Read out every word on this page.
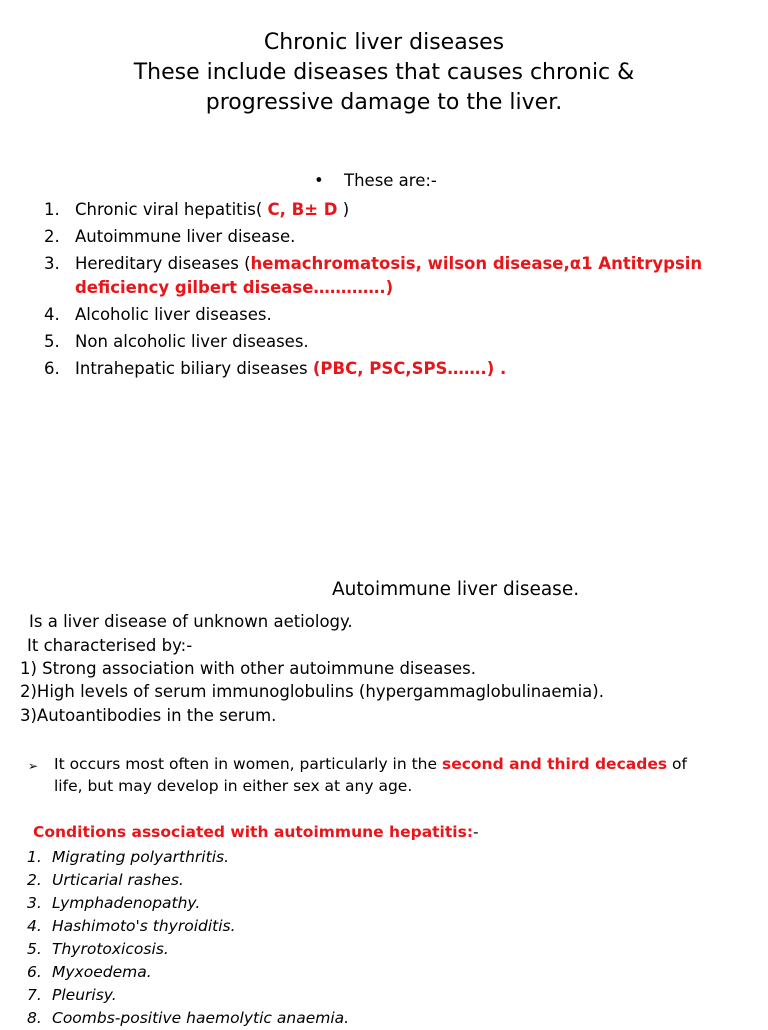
Chronic liver diseases
These include diseases that causes chronic &
progressive damage to the liver.
• These are:-
1. Chronic viral hepatitis( C, B± D )
2. Autoimmune liver disease.
3. Hereditary diseases (hemachromatosis, wilson disease,α1 Antitrypsin deficiency gilbert disease………….)
4. Alcoholic liver diseases.
5. Non alcoholic liver diseases.
6. Intrahepatic biliary diseases (PBC, PSC,SPS…….) .
Autoimmune liver disease.
Is a liver disease of unknown aetiology.
It characterised by:-
1) Strong association with other autoimmune diseases.
2)High levels of serum immunoglobulins (hypergammaglobulinaemia).
3)Autoantibodies in the serum.
➢	It occurs most often in women, particularly in the second and third decades of life, but may develop in either sex at any age.
Conditions associated with autoimmune hepatitis:-
1. Migrating polyarthritis.
2. Urticarial rashes.
3. Lymphadenopathy.
4. Hashimoto's thyroiditis.
5. Thyrotoxicosis.
6. Myxoedema.
7. Pleurisy.
8. Coombs-positive haemolytic anaemia.
